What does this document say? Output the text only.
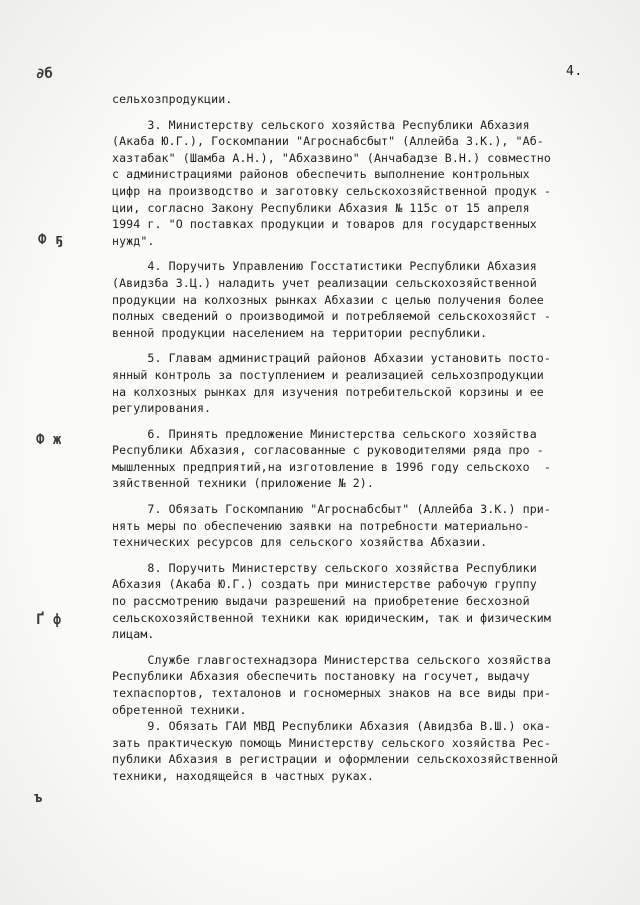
4.
∂б
Ф ҕ
Ф ж
Ґ ф
ъ
сельхозпродукции.
3. Министерству сельского хозяйства Республики Абхазия
(Акаба Ю.Г.), Госкомпании "Агроснабсбыт" (Аллейба З.К.), "Аб-
хазтабак" (Шамба А.Н.), "Абхазвино" (Анчабадзе В.Н.) совместно
с администрациями районов обеспечить выполнение контрольных
цифр на производство и заготовку сельскохозяйственной продук -
ции, согласно Закону Республики Абхазия № 115с от 15 апреля
1994 г. "О поставках продукции и товаров для государственных
нужд".
4. Поручить Управлению Госстатистики Республики Абхазия
(Авидзба З.Ц.) наладить учет реализации сельскохозяйственной
продукции на колхозных рынках Абхазии с целью получения более
полных сведений о производимой и потребляемой сельскохозяйст -
венной продукции населением на территории республики.
5. Главам администраций районов Абхазии установить посто-
янный контроль за поступлением и реализацией сельхозпродукции
на колхозных рынках для изучения потребительской корзины и ее
регулирования.
6. Принять предложение Министерства сельского хозяйства
Республики Абхазия, согласованные с руководителями ряда про -
мышленных предприятий,на изготовление в 1996 году сельскохо  -
зяйственной техники (приложение № 2).
7. Обязать Госкомпанию "Агроснабсбыт" (Аллейба З.К.) при-
нять меры по обеспечению заявки на потребности материально-
технических ресурсов для сельского хозяйства Абхазии.
8. Поручить Министерству сельского хозяйства Республики
Абхазия (Акаба Ю.Г.) создать при министерстве рабочую группу
по рассмотрению выдачи разрешений на приобретение бесхозной
сельскохозяйственной техники как юридическим, так и физическим
лицам.
Службе главгостехнадзора Министерства сельского хозяйства
Республики Абхазия обеспечить постановку на госучет, выдачу
техпаспортов, техталонов и госномерных знаков на все виды при-
обретенной техники.
9. Обязать ГАИ МВД Республики Абхазия (Авидзба В.Ш.) ока-
зать практическую помощь Министерству сельского хозяйства Рес-
публики Абхазия в регистрации и оформлении сельскохозяйственной
техники, находящейся в частных руках.
